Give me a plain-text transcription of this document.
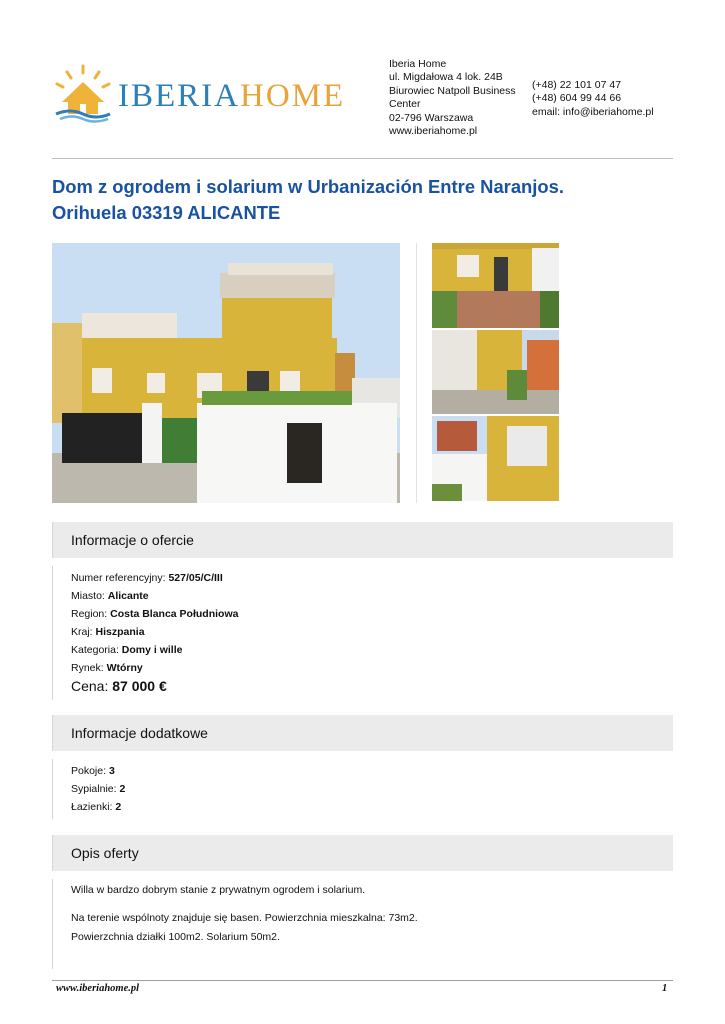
IBERIAHOME
Iberia Home
ul. Migdałowa 4 lok. 24B
Biurowiec Natpoll Business
Center
02-796 Warszawa
www.iberiahome.pl
(+48) 22 101 07 47
(+48) 604 99 44 66
email: info@iberiahome.pl
Dom z ogrodem i solarium w Urbanización Entre Naranjos.
Orihuela 03319 ALICANTE
Informacje o ofercie
Numer referencyjny: 527/05/C/III
Miasto: Alicante
Region: Costa Blanca Południowa
Kraj: Hiszpania
Kategoria: Domy i wille
Rynek: Wtórny
Cena: 87 000 €
Informacje dodatkowe
Pokoje: 3
Sypialnie: 2
Łazienki: 2
Opis oferty
Willa w bardzo dobrym stanie z prywatnym ogrodem i solarium.
Na terenie wspólnoty znajduje się basen. Powierzchnia mieszkalna: 73m2.
Powierzchnia działki 100m2. Solarium 50m2.
www.iberiahome.pl	1
